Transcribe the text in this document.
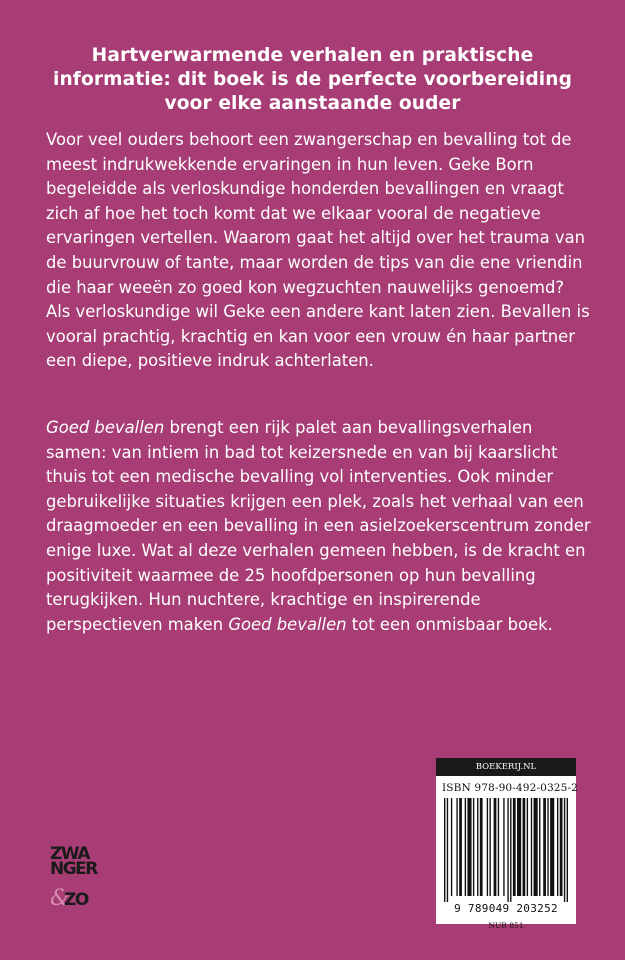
Hartverwarmende verhalen en praktische informatie: dit boek is de perfecte voorbereiding voor elke aanstaande ouder

Voor veel ouders behoort een zwangerschap en bevalling tot de meest indrukwekkende ervaringen in hun leven. Geke Born begeleidde als verloskundige honderden bevallingen en vraagt zich af hoe het toch komt dat we elkaar vooral de negatieve ervaringen vertellen. Waarom gaat het altijd over het trauma van de buurvrouw of tante, maar worden de tips van die ene vriendin die haar weeën zo goed kon wegzuchten nauwelijks genoemd? Als verloskundige wil Geke een andere kant laten zien. Bevallen is vooral prachtig, krachtig en kan voor een vrouw én haar partner een diepe, positieve indruk achterlaten.

Goed bevallen brengt een rijk palet aan bevallingsverhalen samen: van intiem in bad tot keizersnede en van bij kaarslicht thuis tot een medische bevalling vol interventies. Ook minder gebruikelijke situaties krijgen een plek, zoals het verhaal van een draagmoeder en een bevalling in een asielzoekerscentrum zonder enige luxe. Wat al deze verhalen gemeen hebben, is de kracht en positiviteit waarmee de 25 hoofdpersonen op hun bevalling terugkijken. Hun nuchtere, krachtige en inspirerende perspectieven maken Goed bevallen tot een onmisbaar boek.

ZWA
NGER
&
ZO
BOEKERIJ.NL
ISBN 978-90-492-0325-2
9 789049 203252
NUR 851
